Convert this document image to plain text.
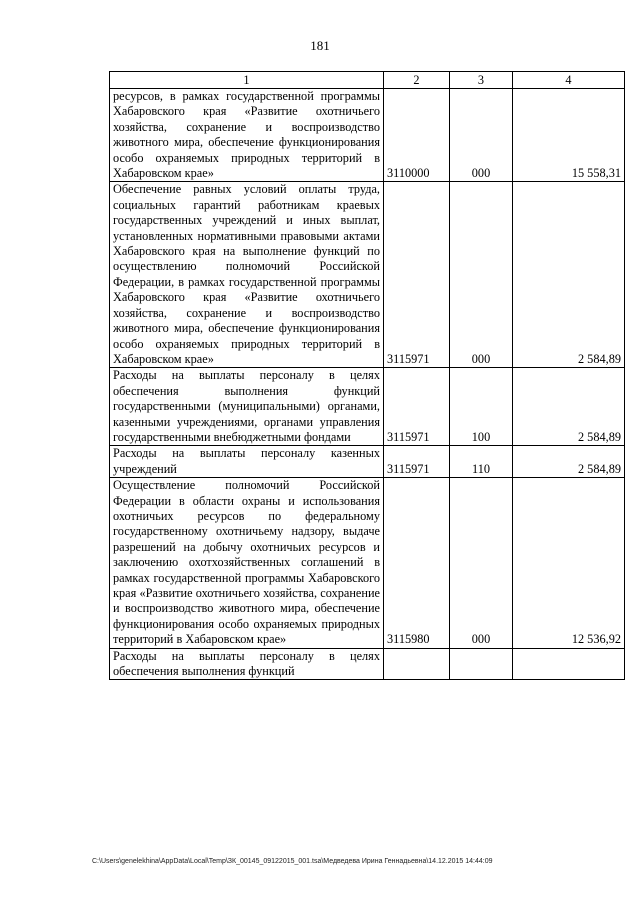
181
1	2	3	4
ресурсов, в рамках государственной программы Хабаровского края «Развитие охотничьего хозяйства, сохранение и воспроизводство животного мира, обеспечение функционирования особо охраняемых природных территорий в Хабаровском крае»	3110000	000	15 558,31
Обеспечение равных условий оплаты труда, социальных гарантий работникам краевых государственных учреждений и иных выплат, установленных нормативными правовыми актами Хабаровского края на выполнение функций по осуществлению полномочий Российской Федерации, в рамках государственной программы Хабаровского края «Развитие охотничьего хозяйства, сохранение и воспроизводство животного мира, обеспечение функционирования особо охраняемых природных территорий в Хабаровском крае»	3115971	000	2 584,89
Расходы на выплаты персоналу в целях обеспечения выполнения функций государственными (муниципальными) органами, казенными учреждениями, органами управления государственными внебюджетными фондами	3115971	100	2 584,89
Расходы на выплаты персоналу казенных учреждений	3115971	110	2 584,89
Осуществление полномочий Российской Федерации в области охраны и использования охотничьих ресурсов по федеральному государственному охотничьему надзору, выдаче разрешений на добычу охотничьих ресурсов и заключению охотхозяйственных соглашений в рамках государственной программы Хабаровского края «Развитие охотничьего хозяйства, сохранение и воспроизводство животного мира, обеспечение функционирования особо охраняемых природных территорий в Хабаровском крае»	3115980	000	12 536,92
Расходы на выплаты персоналу в целях обеспечения выполнения функций			
C:\Users\genelekhina\AppData\Local\Temp\ЗК_00145_09122015_001.tsa\Медведева Ирина Геннадьевна\14.12.2015 14:44:09
